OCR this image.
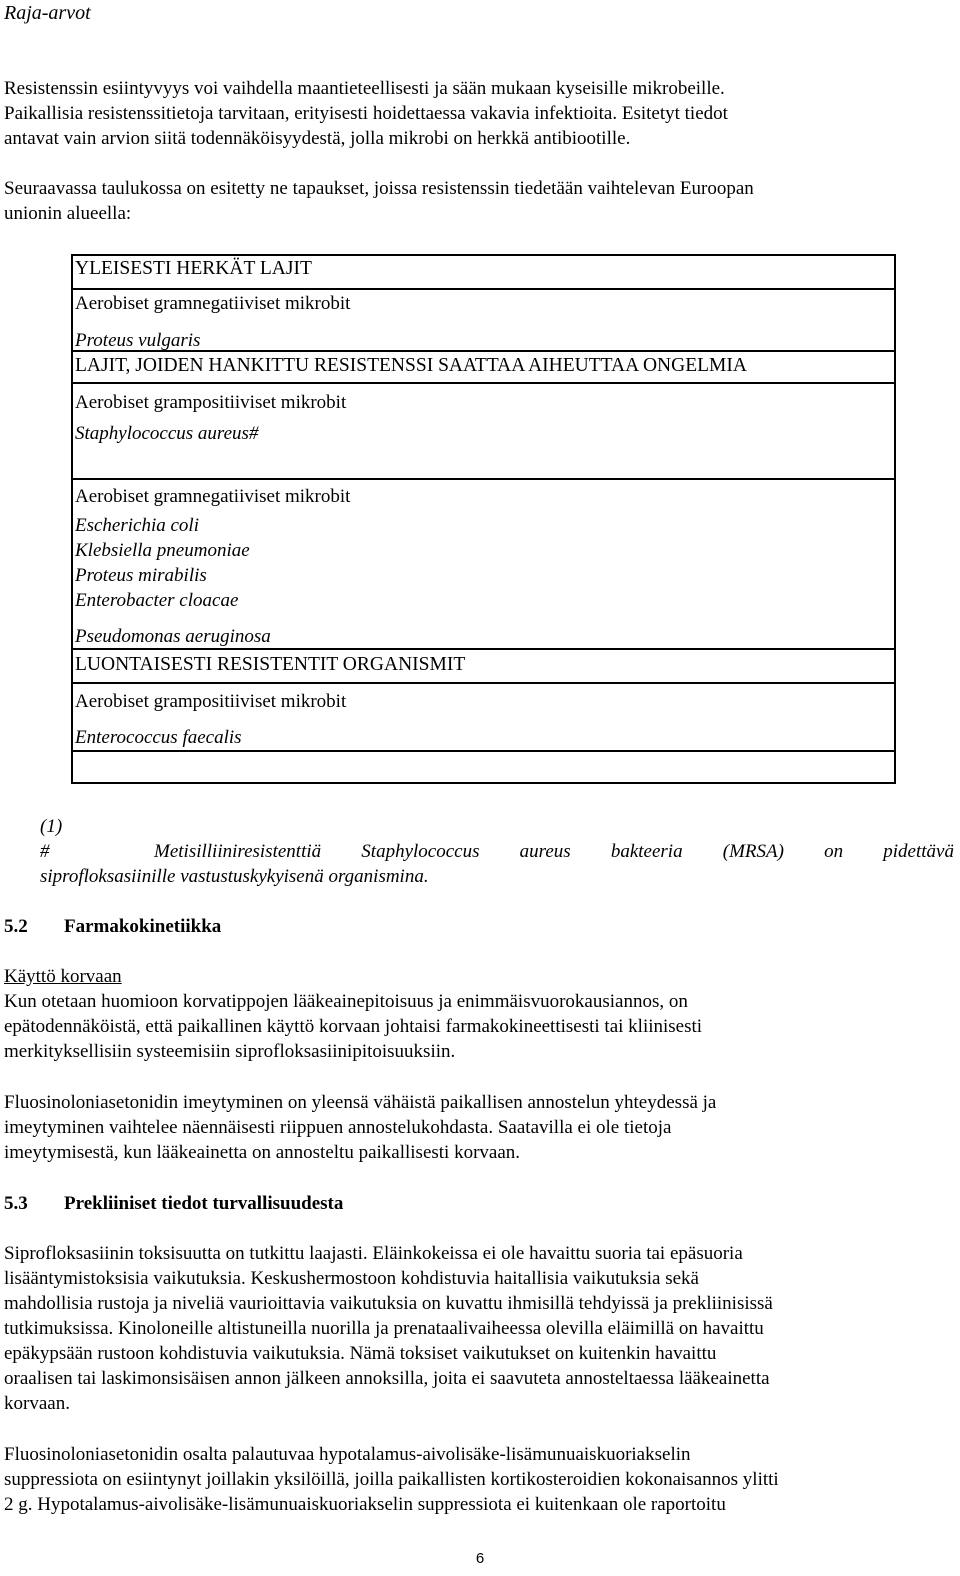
Raja-arvot
Resistenssin esiintyvyys voi vaihdella maantieteellisesti ja sään mukaan kyseisille mikrobeille.
Paikallisia resistenssitietoja tarvitaan, erityisesti hoidettaessa vakavia infektioita. Esitetyt tiedot
antavat vain arvion siitä todennäköisyydestä, jolla mikrobi on herkkä antibiootille.
Seuraavassa taulukossa on esitetty ne tapaukset, joissa resistenssin tiedetään vaihtelevan Euroopan
unionin alueella:
YLEISESTI HERKÄT LAJIT
Aerobiset gramnegatiiviset mikrobit
Proteus vulgaris
LAJIT, JOIDEN HANKITTU RESISTENSSI SAATTAA AIHEUTTAA ONGELMIA
Aerobiset grampositiiviset mikrobit
Staphylococcus aureus#
Aerobiset gramnegatiiviset mikrobit
Escherichia coli
Klebsiella pneumoniae
Proteus mirabilis
Enterobacter cloacae
Pseudomonas aeruginosa
LUONTAISESTI RESISTENTIT ORGANISMIT
Aerobiset grampositiiviset mikrobit
Enterococcus faecalis
(1)
#	Metisilliiniresistenttiä Staphylococcus aureus bakteeria (MRSA) on pidettävä
siprofloksasiinille vastustuskykyisenä organismina.
5.2 Farmakokinetiikka
Käyttö korvaan
Kun otetaan huomioon korvatippojen lääkeainepitoisuus ja enimmäisvuorokausiannos, on
epätodennäköistä, että paikallinen käyttö korvaan johtaisi farmakokineettisesti tai kliinisesti
merkityksellisiin systeemisiin siprofloksasiinipitoisuuksiin.
Fluosinoloniasetonidin imeytyminen on yleensä vähäistä paikallisen annostelun yhteydessä ja
imeytyminen vaihtelee näennäisesti riippuen annostelukohdasta. Saatavilla ei ole tietoja
imeytymisestä, kun lääkeainetta on annosteltu paikallisesti korvaan.
5.3 Prekliiniset tiedot turvallisuudesta
Siprofloksasiinin toksisuutta on tutkittu laajasti. Eläinkokeissa ei ole havaittu suoria tai epäsuoria
lisääntymistoksisia vaikutuksia. Keskushermostoon kohdistuvia haitallisia vaikutuksia sekä
mahdollisia rustoja ja niveliä vaurioittavia vaikutuksia on kuvattu ihmisillä tehdyissä ja prekliinisissä
tutkimuksissa. Kinoloneille altistuneilla nuorilla ja prenataalivaiheessa olevilla eläimillä on havaittu
epäkypsään rustoon kohdistuvia vaikutuksia. Nämä toksiset vaikutukset on kuitenkin havaittu
oraalisen tai laskimonsisäisen annon jälkeen annoksilla, joita ei saavuteta annosteltaessa lääkeainetta
korvaan.
Fluosinoloniasetonidin osalta palautuvaa hypotalamus-aivolisäke-lisämunuaiskuoriakselin
suppressiota on esiintynyt joillakin yksilöillä, joilla paikallisten kortikosteroidien kokonaisannos ylitti
2 g. Hypotalamus-aivolisäke-lisämunuaiskuoriakselin suppressiota ei kuitenkaan ole raportoitu
6
